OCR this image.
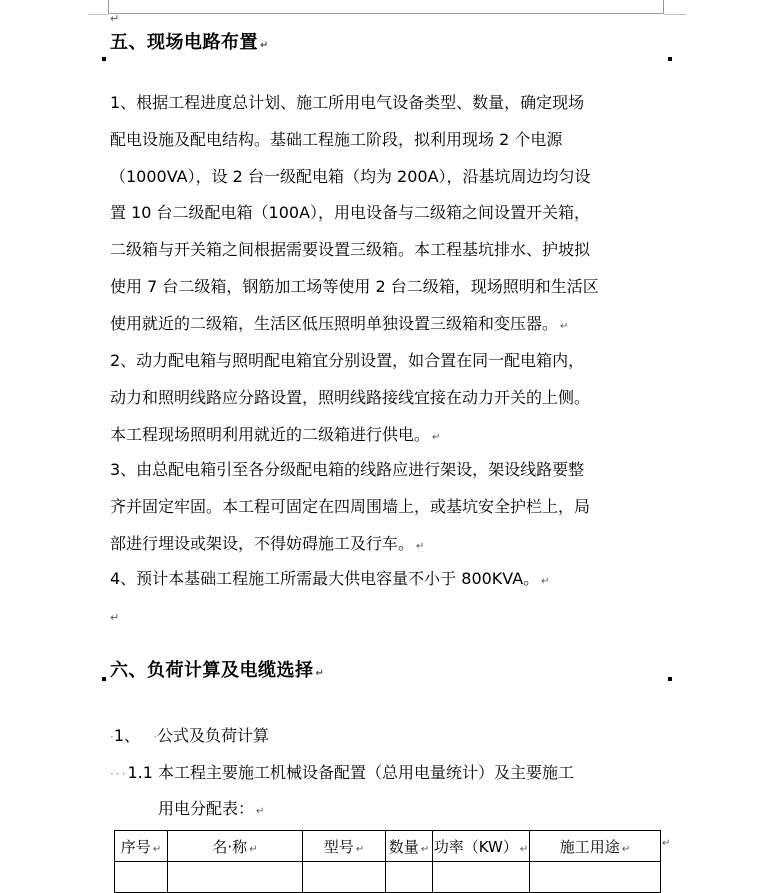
↵
五、现场电路布置 ↵
1、根据工程进度总计划、施工所用电气设备类型、数量，确定现场
配电设施及配电结构。基础工程施工阶段，拟利用现场 2 个电源
（1000VA），设 2 台一级配电箱（均为 200A），沿基坑周边均匀设
置 10 台二级配电箱（100A），用电设备与二级箱之间设置开关箱，
二级箱与开关箱之间根据需要设置三级箱。本工程基坑排水、护坡拟
使用 7 台二级箱，钢筋加工场等使用 2 台二级箱，现场照明和生活区
使用就近的二级箱，生活区低压照明单独设置三级箱和变压器。 ↵
2、动力配电箱与照明配电箱宜分别设置，如合置在同一配电箱内，
动力和照明线路应分路设置，照明线路接线宜接在动力开关的上侧。
本工程现场照明利用就近的二级箱进行供电。 ↵
3、由总配电箱引至各分级配电箱的线路应进行架设，架设线路要整
齐并固定牢固。本工程可固定在四周围墙上，或基坑安全护栏上，局
部进行埋设或架设，不得妨碍施工及行车。 ↵
4、预计本基础工程施工所需最大供电容量不小于 800KVA。 ↵
↵
六、负荷计算及电缆选择 ↵
·1、 ·公式及负荷计算
···1.1 本工程主要施工机械设备配置（总用电量统计）及主要施工
用电分配表： ↵
序号 ↵	名·称 ↵	型号 ↵	数量 ↵	功率（KW） ↵	施工用途 ↵
						↵
